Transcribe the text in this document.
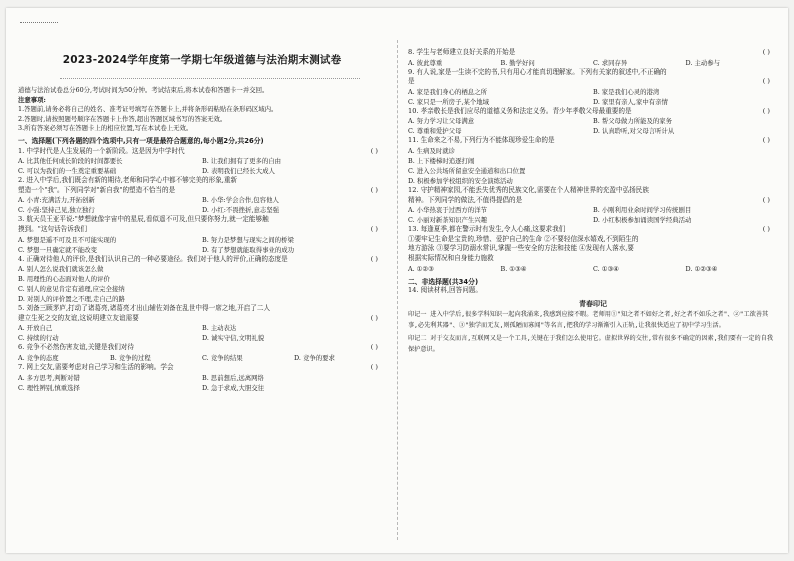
2023-2024学年度第一学期七年级道德与法治期末测试卷
道德与法治试卷总分60分,考试时间为50分钟。考试结束后,将本试卷和答题卡一并交回。
注意事项:
1.答题前,请务必将自己的姓名、准考证号填写在答题卡上,并将条形码粘贴在条形码区域内。
2.答题时,请按照题号顺序在答题卡上作答,超出答题区域书写的答案无效。
3.所有答案必须写在答题卡上的相应位置,写在本试卷上无效。
一、选择题(下列各题的四个选项中,只有一项是最符合题意的,每小题2分,共26分)
1. 中学时代是人生发展的一个新阶段。这是因为中学时代	( )
A. 比其他任何成长阶段的时间都要长	B. 让我们拥有了更多的自由
C. 可以为我们的一生奠定重要基础	D. 表明我们已经长大成人
2. 进入中学后,我们既会有新的期待,老师和同学心中都不够完美的形象,重新
塑造一个"我"。下列同学对"新自我"的塑造不恰当的是	( )
A. 小青:充满活力,开拓创新	B. 小华:学会合作,包容他人
C. 小强:坚持己见,独立独行	D. 小红:不畏挫折,意志坚强
3. 航天员王亚平说:"梦想就像宇宙中的星辰,看似遥不可及,但只要你努力,就一定能够触
摸到。"这句话告诉我们	( )
A. 梦想是遥不可及且不可能实现的	B. 努力是梦想与现实之间的桥梁
C. 梦想一旦确定就不能改变	D. 有了梦想就能取得事业的成功
4. 正确对待他人的评价,是我们认识自己的一种必要途径。我们对于他人的评价,正确的态度是	( )
A. 别人怎么说我们就该怎么做
B. 用理性的心态面对他人的评价
C. 别人的意见肯定有道理,应完全接纳
D. 对别人的评价置之不理,走自己的路
5. 刘备三顾茅庐,打动了诸葛亮,诸葛亮才出山辅佐刘备在乱世中得一席之地,开启了二人
建立生死之交的友谊,这说明建立友谊需要	( )
A. 开放自己	B. 主动表达
C. 持续的行动	D. 诚实守信,文明礼貌
6. 竞争不必然伤害友谊,关键是我们对待	( )
A. 竞争的态度	B. 竞争的过程	C. 竞争的结果	D. 竞争的要求
7. 网上交友,需要考虑对自己学习和生活的影响。学会	( )
A. 多方思考,判断对错	B. 思前想后,远离网络
C. 理性辨别,慎重选择	D. 急于求成,大胆交往
8. 学生与老师建立良好关系的开始是	( )
A. 彼此尊重	B. 勤学好问	C. 求同存异	D. 主动参与
9. 有人说,家是一生读不完的书,只有用心才能真切理解家。下列有关家的叙述中,不正确的
是	( )
A. 家是我们身心的栖息之所	B. 家是我们心灵的港湾
C. 家只是一所房子,某个地域	D. 家里有亲人,家中有亲情
10. 孝亲敬长是我们应尽的道德义务和法定义务。青少年孝敬父母最重要的是	( )
A. 努力学习让父母满意	B. 帮父母做力所能及的家务
C. 尊重和爱护父母	D. 认真聆听,对父母言听计从
11. 生命来之不易,下列行为不能体现珍爱生命的是	( )
A. 生病及时就诊
B. 上下楼梯时追逐打闹
C. 进入公共场所留意安全通道和出口位置
D. 积极参加学校组织的安全演练活动
12. 守护精神家园,不能丢失优秀的民族文化,需要在个人精神世界的充盈中弘扬民族
精神。下列同学的做法,不值得提倡的是	( )
A. 小华热衷于过西方的洋节	B. 小刚利用业余时间学习传统剧目
C. 小丽对新茶知识产生兴趣	D. 小红积极参加诵读国学经典活动
13. 每逢夏季,都在警示时有发生,令人心痛,这要求我们	( )
①要牢记生命是宝贵的,珍惜、爱护自己的生命 ②不要轻信深水嬉戏,不到陌生的
地方游泳 ③要学习防溺水常识,掌握一些安全的方法和技能 ④发现有人落水,要
根据实际情况和自身能力施救
A. ①②③	B. ①③④	C. ①③④	D. ①②③④
二、非选择题(共34分)
14. 阅读材料,回答问题。
青春印记
印记一 进入中学后,很多学科知识一起向我涌来,我感到应接不暇。老师用①"知之者不如好之者,好之者不如乐之者"、②"工欲善其事,必先利其器"、③"独学而无友,则孤陋而寡闻"等名言,把我的学习渐渐引入正轨,让我很快适应了初中学习生活。
印记二 对于交友而言,互联网又是一个工具,关键在于我们怎么使用它。虚拟世界的交往,常有很多不确定的因素,我们要有一定的自我保护意识。
